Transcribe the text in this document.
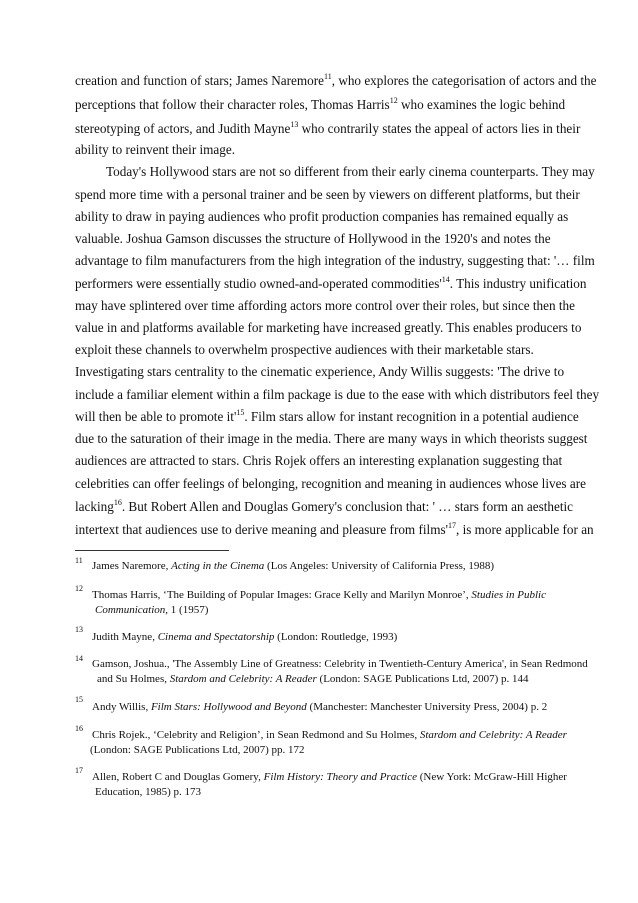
creation and function of stars; James Naremore$^{11}$, who explores the categorisation of actors and the
perceptions that follow their character roles, Thomas Harris$^{12}$ who examines the logic behind
stereotyping of actors, and Judith Mayne$^{13}$ who contrarily states the appeal of actors lies in their
ability to reinvent their image.
Today's Hollywood stars are not so different from their early cinema counterparts. They may
spend more time with a personal trainer and be seen by viewers on different platforms, but their
ability to draw in paying audiences who profit production companies has remained equally as
valuable. Joshua Gamson discusses the structure of Hollywood in the 1920's and notes the
advantage to film manufacturers from the high integration of the industry, suggesting that: '… film
performers were essentially studio owned-and-operated $commodities'^{14}$. This industry unification
may have splintered over time affording actors more control over their roles, but since then the
value in and platforms available for marketing have increased greatly. This enables producers to
exploit these channels to overwhelm prospective audiences with their marketable stars.
Investigating stars centrality to the cinematic experience, Andy Willis suggests: 'The drive to
include a familiar element within a film package is due to the ease with which distributors feel they
will then be able to promote $it'^{15}$. Film stars allow for instant recognition in a potential audience
due to the saturation of their image in the media. There are many ways in which theorists suggest
audiences are attracted to stars. Chris Rojek offers an interesting explanation suggesting that
celebrities can offer feelings of belonging, recognition and meaning in audiences whose lives are
lacking$^{16}$. But Robert Allen and Douglas Gomery's conclusion that: ' … stars form an aesthetic
intertext that audiences use to derive meaning and pleasure from $films'^{17}$, is more applicable for an
11 James Naremore, Acting in the Cinema (Los Angeles: University of California Press, 1988)
12
Thomas Harris, ‘The Building of Popular Images: Grace Kelly and Marilyn Monroe’, Studies in Public
Communication, 1 (1957)
13
Judith Mayne, Cinema and Spectatorship (London: Routledge, 1993)
14 Gamson, Joshua., 'The Assembly Line of Greatness: Celebrity in Twentieth-Century America', in Sean Redmond
and Su Holmes, Stardom and Celebrity: A Reader (London: SAGE Publications Ltd, 2007) p. 144
15
Andy Willis, Film Stars: Hollywood and Beyond (Manchester: Manchester University Press, 2004) p. 2
16
Chris Rojek., ‘Celebrity and Religion’, in Sean Redmond and Su Holmes, Stardom and Celebrity: A Reader
(London: SAGE Publications Ltd, 2007) pp. 172
17
Allen, Robert C and Douglas Gomery, Film History: Theory and Practice (New York: McGraw-Hill Higher
Education, 1985) p. 173
